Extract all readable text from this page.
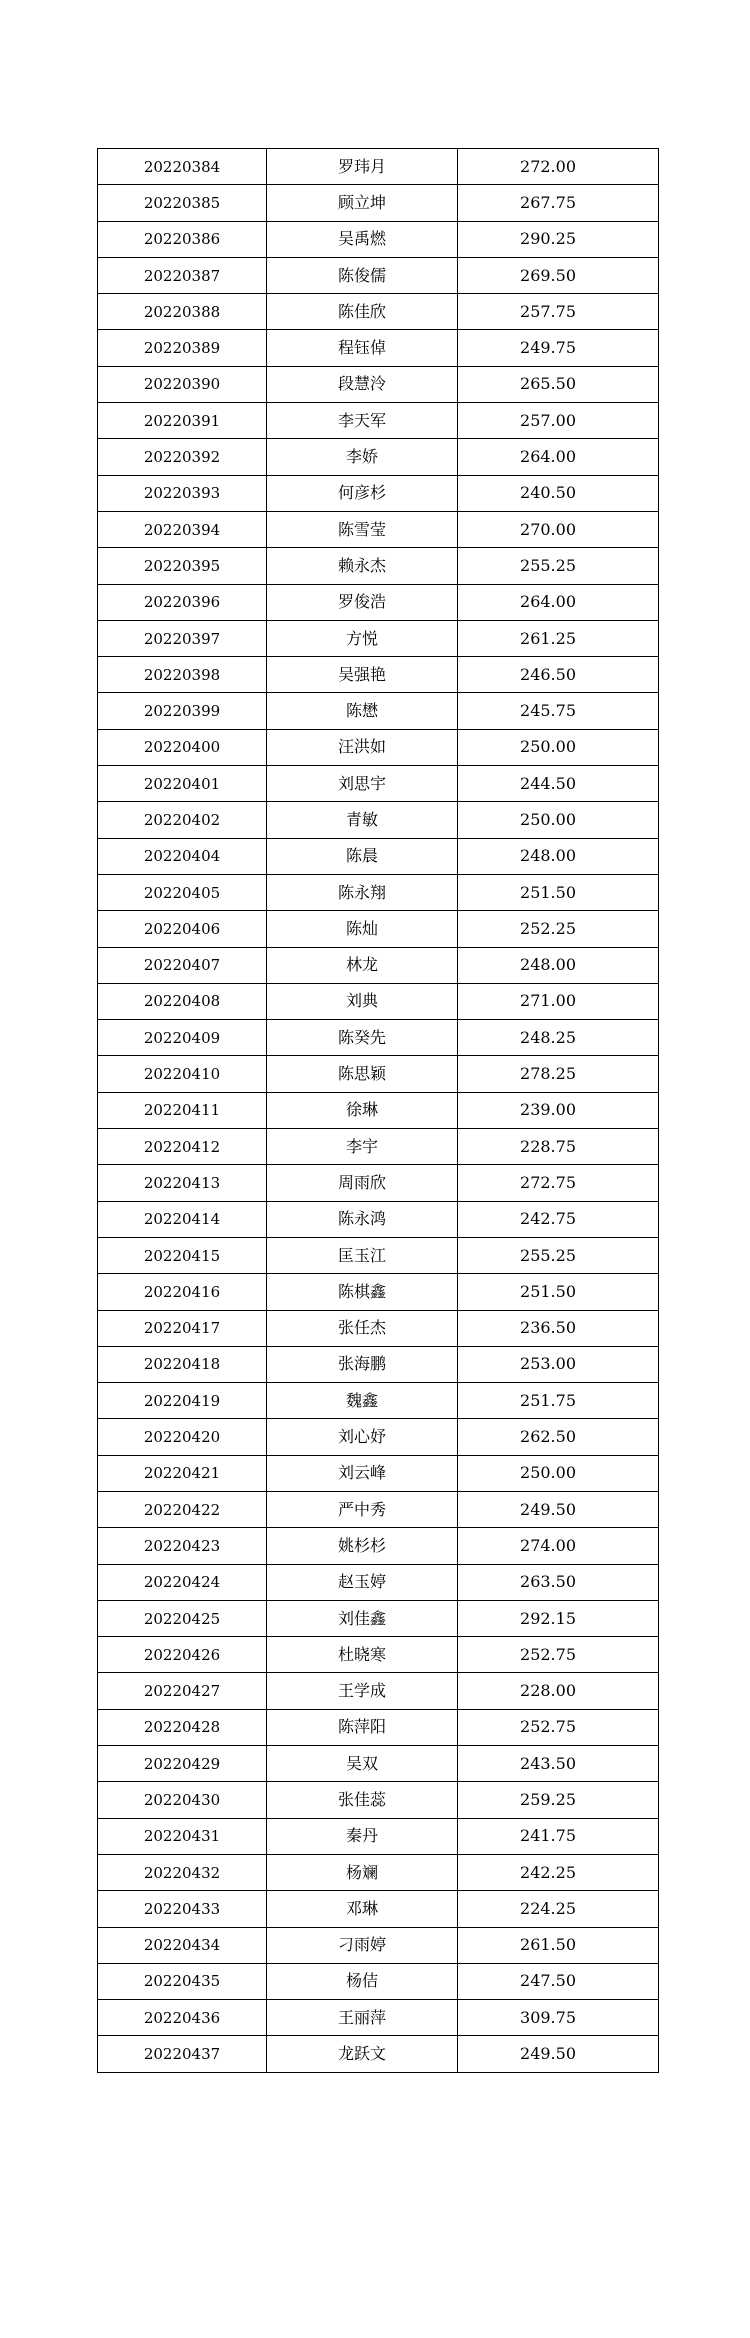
20220384	罗玮月	272.00
20220385	顾立坤	267.75
20220386	吴禹燃	290.25
20220387	陈俊儒	269.50
20220388	陈佳欣	257.75
20220389	程钰倬	249.75
20220390	段慧泠	265.50
20220391	李天军	257.00
20220392	李娇	264.00
20220393	何彦杉	240.50
20220394	陈雪莹	270.00
20220395	赖永杰	255.25
20220396	罗俊浩	264.00
20220397	方悦	261.25
20220398	吴强艳	246.50
20220399	陈懋	245.75
20220400	汪洪如	250.00
20220401	刘思宇	244.50
20220402	青敏	250.00
20220404	陈晨	248.00
20220405	陈永翔	251.50
20220406	陈灿	252.25
20220407	林龙	248.00
20220408	刘典	271.00
20220409	陈癸先	248.25
20220410	陈思颖	278.25
20220411	徐琳	239.00
20220412	李宇	228.75
20220413	周雨欣	272.75
20220414	陈永鸿	242.75
20220415	匡玉江	255.25
20220416	陈棋鑫	251.50
20220417	张任杰	236.50
20220418	张海鹏	253.00
20220419	魏鑫	251.75
20220420	刘心妤	262.50
20220421	刘云峰	250.00
20220422	严中秀	249.50
20220423	姚杉杉	274.00
20220424	赵玉婷	263.50
20220425	刘佳鑫	292.15
20220426	杜晓寒	252.75
20220427	王学成	228.00
20220428	陈萍阳	252.75
20220429	吴双	243.50
20220430	张佳蕊	259.25
20220431	秦丹	241.75
20220432	杨斓	242.25
20220433	邓琳	224.25
20220434	刁雨婷	261.50
20220435	杨佶	247.50
20220436	王丽萍	309.75
20220437	龙跃文	249.50
